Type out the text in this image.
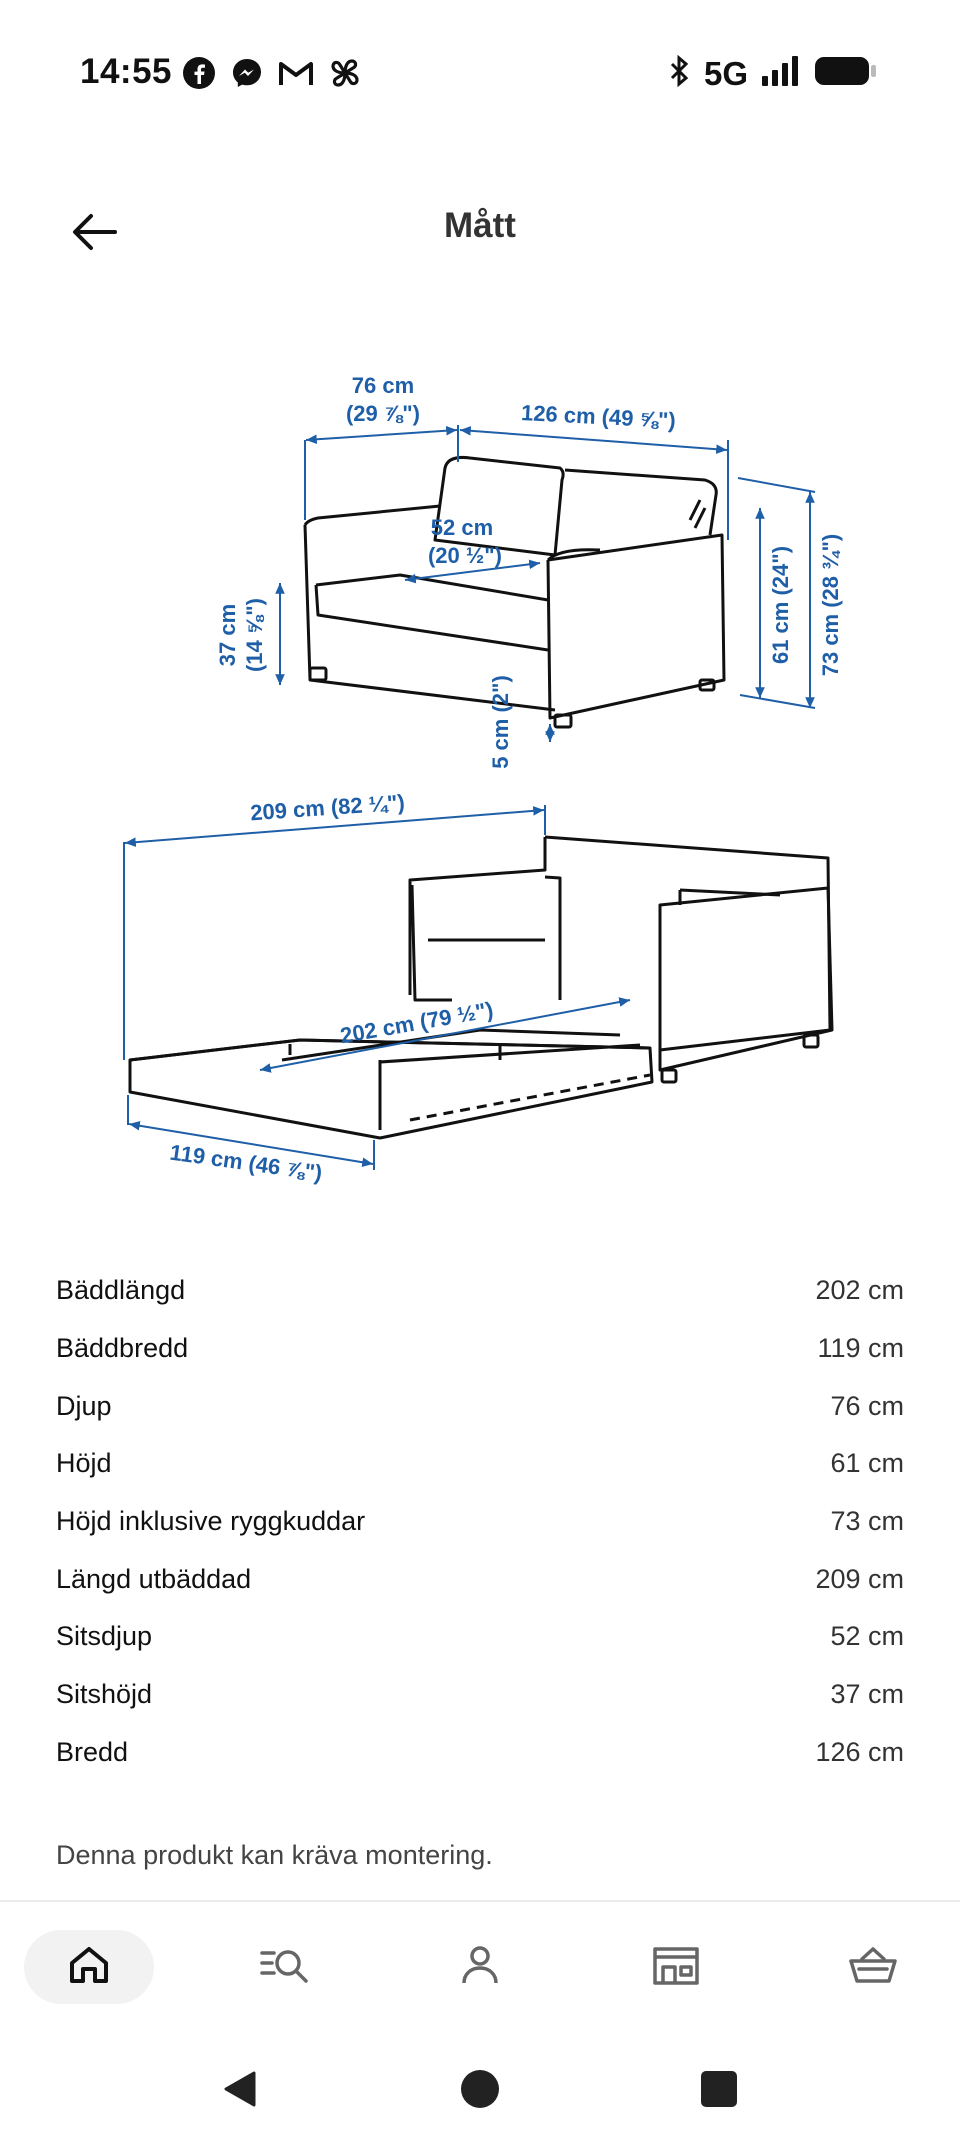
14:55	5G
Mått
76 cm
(29 ⅞")	126 cm (49 ⅝")
52 cm
(20 ½")
37 cm (14 ⅝")	61 cm (24") 73 cm (28 ¾")
5 cm (2")
209 cm (82 ¼")
202 cm (79 ½")
119 cm (46 ⅞")
Bäddlängd	202 cm
Bäddbredd	119 cm
Djup	76 cm
Höjd	61 cm
Höjd inklusive ryggkuddar	73 cm
Längd utbäddad	209 cm
Sitsdjup	52 cm
Sitshöjd	37 cm
Bredd	126 cm
Denna produkt kan kräva montering.
